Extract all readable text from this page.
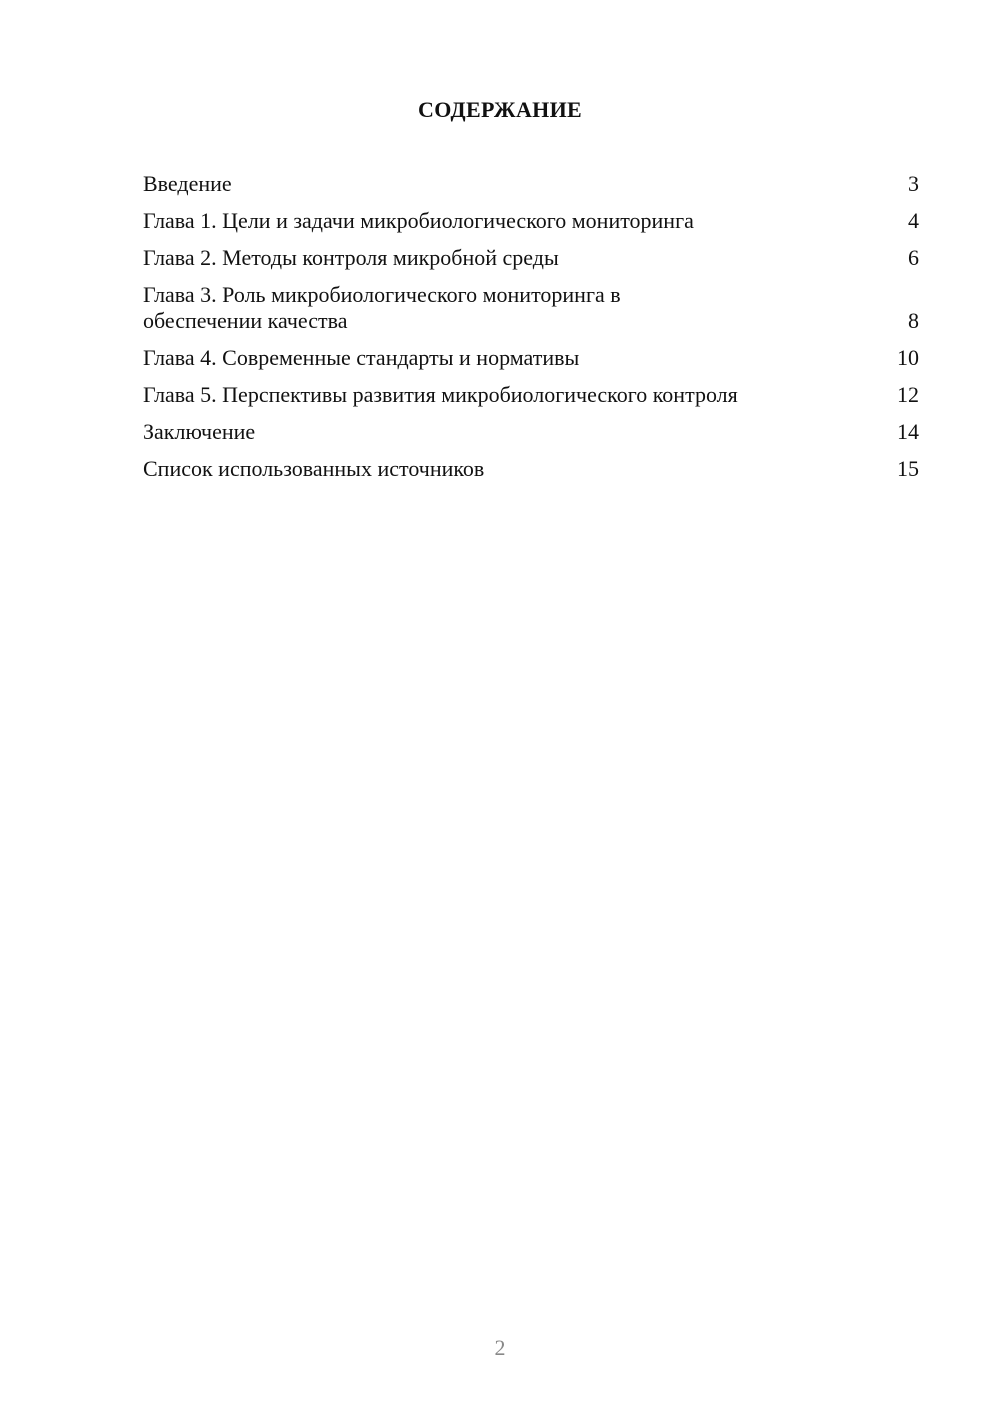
СОДЕРЖАНИЕ
Введение	3
Глава 1. Цели и задачи микробиологического мониторинга	4
Глава 2. Методы контроля микробной среды	6
Глава 3. Роль микробиологического мониторинга в обеспечении качества	8
Глава 4. Современные стандарты и нормативы	10
Глава 5. Перспективы развития микробиологического контроля	12
Заключение	14
Список использованных источников	15
2
